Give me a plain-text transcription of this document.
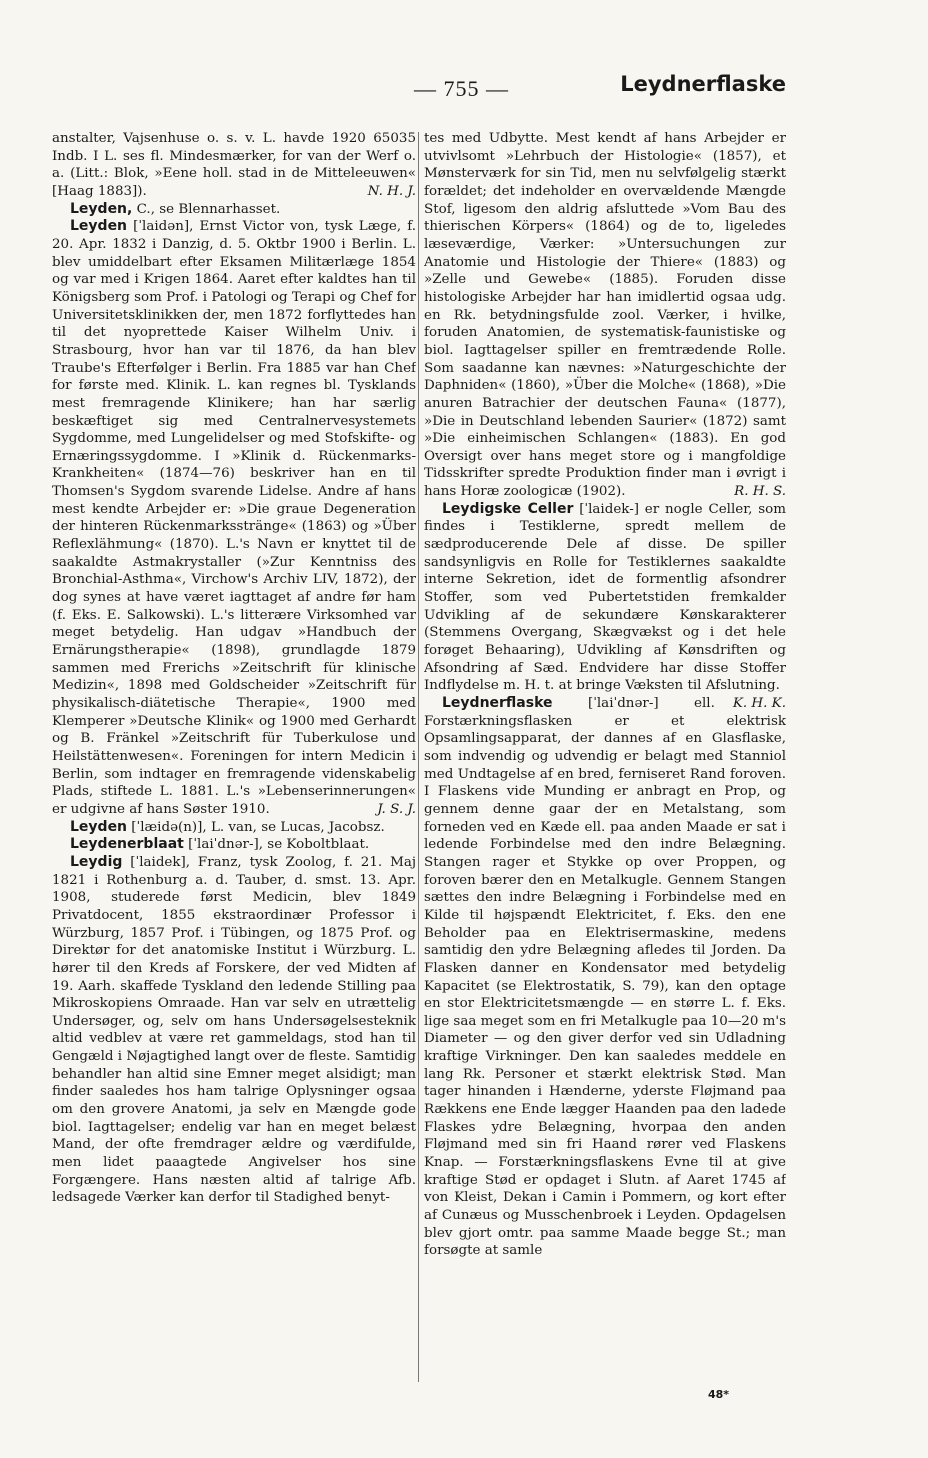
— 755 —	Leydnerflaske

anstalter, Vajsenhuse o. s. v. L. havde 1920 65035 Indb. I L. ses fl. Mindesmærker, for van der Werf o. a. (Litt.: Blok, »Eene holl. stad in de Mitteleeuwen« [Haag 1883]).	N. H. J.

Leyden, C., se Blennarhasset.

Leyden [ˈlaidən], Ernst Victor von, tysk Læge, f. 20. Apr. 1832 i Danzig, d. 5. Oktbr 1900 i Berlin. L. blev umiddelbart efter Eksamen Militærlæge 1854 og var med i Krigen 1864. Aaret efter kaldtes han til Königsberg som Prof. i Patologi og Terapi og Chef for Universitetsklinikken der, men 1872 forflyttedes han til det nyoprettede Kaiser Wilhelm Univ. i Strasbourg, hvor han var til 1876, da han blev Traube's Efterfølger i Berlin. Fra 1885 var han Chef for første med. Klinik. L. kan regnes bl. Tysklands mest fremragende Klinikere; han har særlig beskæftiget sig med Centralnervesystemets Sygdomme, med Lungelidelser og med Stofskifte- og Ernæringssygdomme. I »Klinik d. Rückenmarks-Krankheiten« (1874—76) beskriver han en til Thomsen's Sygdom svarende Lidelse. Andre af hans mest kendte Arbejder er: »Die graue Degeneration der hinteren Rückenmarksstränge« (1863) og »Über Reflexlähmung« (1870). L.'s Navn er knyttet til de saakaldte Astmakrystaller (»Zur Kenntniss des Bronchial-Asthma«, Virchow's Archiv LIV, 1872), der dog synes at have været iagttaget af andre før ham (f. Eks. E. Salkowski). L.'s litterære Virksomhed var meget betydelig. Han udgav »Handbuch der Ernärungstherapie« (1898), grundlagde 1879 sammen med Frerichs »Zeitschrift für klinische Medizin«, 1898 med Goldscheider »Zeitschrift für physikalisch-diätetische Therapie«, 1900 med Klemperer »Deutsche Klinik« og 1900 med Gerhardt og B. Fränkel »Zeitschrift für Tuberkulose und Heilstättenwesen«. Foreningen for intern Medicin i Berlin, som indtager en fremragende videnskabelig Plads, stiftede L. 1881. L.'s »Lebenserinnerungen« er udgivne af hans Søster 1910.	J. S. J.

Leyden [ˈlæidə(n)], L. van, se Lucas, Jacobsz.

Leydenerblaat [ˈlaiˈdnər-], se Koboltblaat.

Leydig [ˈlaidek], Franz, tysk Zoolog, f. 21. Maj 1821 i Rothenburg a. d. Tauber, d. smst. 13. Apr. 1908, studerede først Medicin, blev 1849 Privatdocent, 1855 ekstraordinær Professor i Würzburg, 1857 Prof. i Tübingen, og 1875 Prof. og Direktør for det anatomiske Institut i Würzburg. L. hører til den Kreds af Forskere, der ved Midten af 19. Aarh. skaffede Tyskland den ledende Stilling paa Mikroskopiens Omraade. Han var selv en utrættelig Undersøger, og, selv om hans Undersøgelsesteknik altid vedblev at være ret gammeldags, stod han til Gengæld i Nøjagtighed langt over de fleste. Samtidig behandler han altid sine Emner meget alsidigt; man finder saaledes hos ham talrige Oplysninger ogsaa om den grovere Anatomi, ja selv en Mængde gode biol. Iagttagelser; endelig var han en meget belæst Mand, der ofte fremdrager ældre og værdifulde, men lidet paaagtede Angivelser hos sine Forgængere. Hans næsten altid af talrige Afb. ledsagede Værker kan derfor til Stadighed benyt-

tes med Udbytte. Mest kendt af hans Arbejder er utvivlsomt »Lehrbuch der Histologie« (1857), et Mønsterværk for sin Tid, men nu selvfølgelig stærkt forældet; det indeholder en overvældende Mængde Stof, ligesom den aldrig afsluttede »Vom Bau des thierischen Körpers« (1864) og de to, ligeledes læseværdige, Værker: »Untersuchungen zur Anatomie und Histologie der Thiere« (1883) og »Zelle und Gewebe« (1885). Foruden disse histologiske Arbejder har han imidlertid ogsaa udg. en Rk. betydningsfulde zool. Værker, i hvilke, foruden Anatomien, de systematisk-faunistiske og biol. Iagttagelser spiller en fremtrædende Rolle. Som saadanne kan nævnes: »Naturgeschichte der Daphniden« (1860), »Über die Molche« (1868), »Die anuren Batrachier der deutschen Fauna« (1877), »Die in Deutschland lebenden Saurier« (1872) samt »Die einheimischen Schlangen« (1883). En god Oversigt over hans meget store og i mangfoldige Tidsskrifter spredte Produktion finder man i øvrigt i hans Horæ zoologicæ (1902).	R. H. S.

Leydigske Celler [ˈlaidek-] er nogle Celler, som findes i Testiklerne, spredt mellem de sædproducerende Dele af disse. De spiller sandsynligvis en Rolle for Testiklernes saakaldte interne Sekretion, idet de formentlig afsondrer Stoffer, som ved Pubertetstiden fremkalder Udvikling af de sekundære Kønskarakterer (Stemmens Overgang, Skægvækst og i det hele forøget Behaaring), Udvikling af Kønsdriften og Afsondring af Sæd. Endvidere har disse Stoffer Indflydelse m. H. t. at bringe Væksten til Afslutning.
K. H. K.

Leydnerflaske [ˈlaiˈdnər-] ell. Forstærkningsflasken er et elektrisk Opsamlingsapparat, der dannes af en Glasflaske, som indvendig og udvendig er belagt med Stanniol med Undtagelse af en bred, ferniseret Rand foroven. I Flaskens vide Munding er anbragt en Prop, og gennem denne gaar der en Metalstang, som forneden ved en Kæde ell. paa anden Maade er sat i ledende Forbindelse med den indre Belægning. Stangen rager et Stykke op over Proppen, og foroven bærer den en Metalkugle. Gennem Stangen sættes den indre Belægning i Forbindelse med en Kilde til højspændt Elektricitet, f. Eks. den ene Beholder paa en Elektrisermaskine, medens samtidig den ydre Belægning afledes til Jorden. Da Flasken danner en Kondensator med betydelig Kapacitet (se Elektrostatik, S. 79), kan den optage en stor Elektricitetsmængde — en større L. f. Eks. lige saa meget som en fri Metalkugle paa 10—20 m's Diameter — og den giver derfor ved sin Udladning kraftige Virkninger. Den kan saaledes meddele en lang Rk. Personer et stærkt elektrisk Stød. Man tager hinanden i Hænderne, yderste Fløjmand paa Rækkens ene Ende lægger Haanden paa den ladede Flaskes ydre Belægning, hvorpaa den anden Fløjmand med sin fri Haand rører ved Flaskens Knap. — Forstærkningsflaskens Evne til at give kraftige Stød er opdaget i Slutn. af Aaret 1745 af von Kleist, Dekan i Camin i Pommern, og kort efter af Cunæus og Musschenbroek i Leyden. Opdagelsen blev gjort omtr. paa samme Maade begge St.; man forsøgte at samle

48*
